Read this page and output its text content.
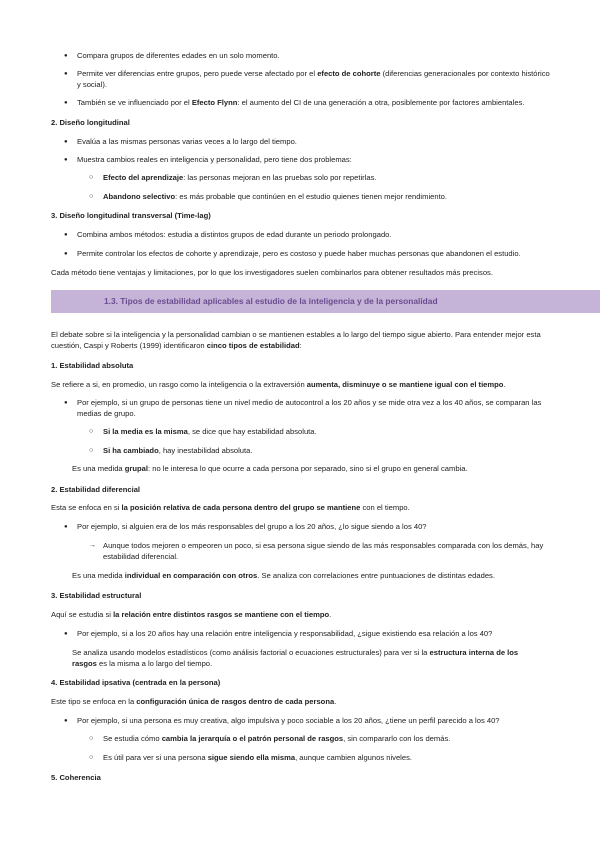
● Compara grupos de diferentes edades en un solo momento.

● Permite ver diferencias entre grupos, pero puede verse afectado por el efecto de cohorte (diferencias generacionales por contexto histórico y social).

● También se ve influenciado por el Efecto Flynn: el aumento del CI de una generación a otra, posiblemente por factores ambientales.

2. Diseño longitudinal

● Evalúa a las mismas personas varias veces a lo largo del tiempo.

● Muestra cambios reales en inteligencia y personalidad, pero tiene dos problemas:

○ Efecto del aprendizaje: las personas mejoran en las pruebas solo por repetirlas.

○ Abandono selectivo: es más probable que continúen en el estudio quienes tienen mejor rendimiento.

3. Diseño longitudinal transversal (Time-lag)

● Combina ambos métodos: estudia a distintos grupos de edad durante un periodo prolongado.

● Permite controlar los efectos de cohorte y aprendizaje, pero es costoso y puede haber muchas personas que abandonen el estudio.

Cada método tiene ventajas y limitaciones, por lo que los investigadores suelen combinarlos para obtener resultados más precisos.

1.3. Tipos de estabilidad aplicables al estudio de la inteligencia y de la personalidad

El debate sobre si la inteligencia y la personalidad cambian o se mantienen estables a lo largo del tiempo sigue abierto. Para entender mejor esta cuestión, Caspi y Roberts (1999) identificaron cinco tipos de estabilidad:

1. Estabilidad absoluta

Se refiere a si, en promedio, un rasgo como la inteligencia o la extraversión aumenta, disminuye o se mantiene igual con el tiempo.

● Por ejemplo, si un grupo de personas tiene un nivel medio de autocontrol a los 20 años y se mide otra vez a los 40 años, se comparan las medias de grupo.

○ Si la media es la misma, se dice que hay estabilidad absoluta.

○ Si ha cambiado, hay inestabilidad absoluta.

Es una medida grupal: no le interesa lo que ocurre a cada persona por separado, sino si el grupo en general cambia.

2. Estabilidad diferencial

Esta se enfoca en si la posición relativa de cada persona dentro del grupo se mantiene con el tiempo.

● Por ejemplo, si alguien era de los más responsables del grupo a los 20 años, ¿lo sigue siendo a los 40?

→ Aunque todos mejoren o empeoren un poco, si esa persona sigue siendo de las más responsables comparada con los demás, hay estabilidad diferencial.

Es una medida individual en comparación con otros. Se analiza con correlaciones entre puntuaciones de distintas edades.

3. Estabilidad estructural

Aquí se estudia si la relación entre distintos rasgos se mantiene con el tiempo.

● Por ejemplo, si a los 20 años hay una relación entre inteligencia y responsabilidad, ¿sigue existiendo esa relación a los 40?

Se analiza usando modelos estadísticos (como análisis factorial o ecuaciones estructurales) para ver si la estructura interna de los rasgos es la misma a lo largo del tiempo.

4. Estabilidad ipsativa (centrada en la persona)

Este tipo se enfoca en la configuración única de rasgos dentro de cada persona.

● Por ejemplo, si una persona es muy creativa, algo impulsiva y poco sociable a los 20 años, ¿tiene un perfil parecido a los 40?

○ Se estudia cómo cambia la jerarquía o el patrón personal de rasgos, sin compararlo con los demás.

○ Es útil para ver si una persona sigue siendo ella misma, aunque cambien algunos niveles.

5. Coherencia
